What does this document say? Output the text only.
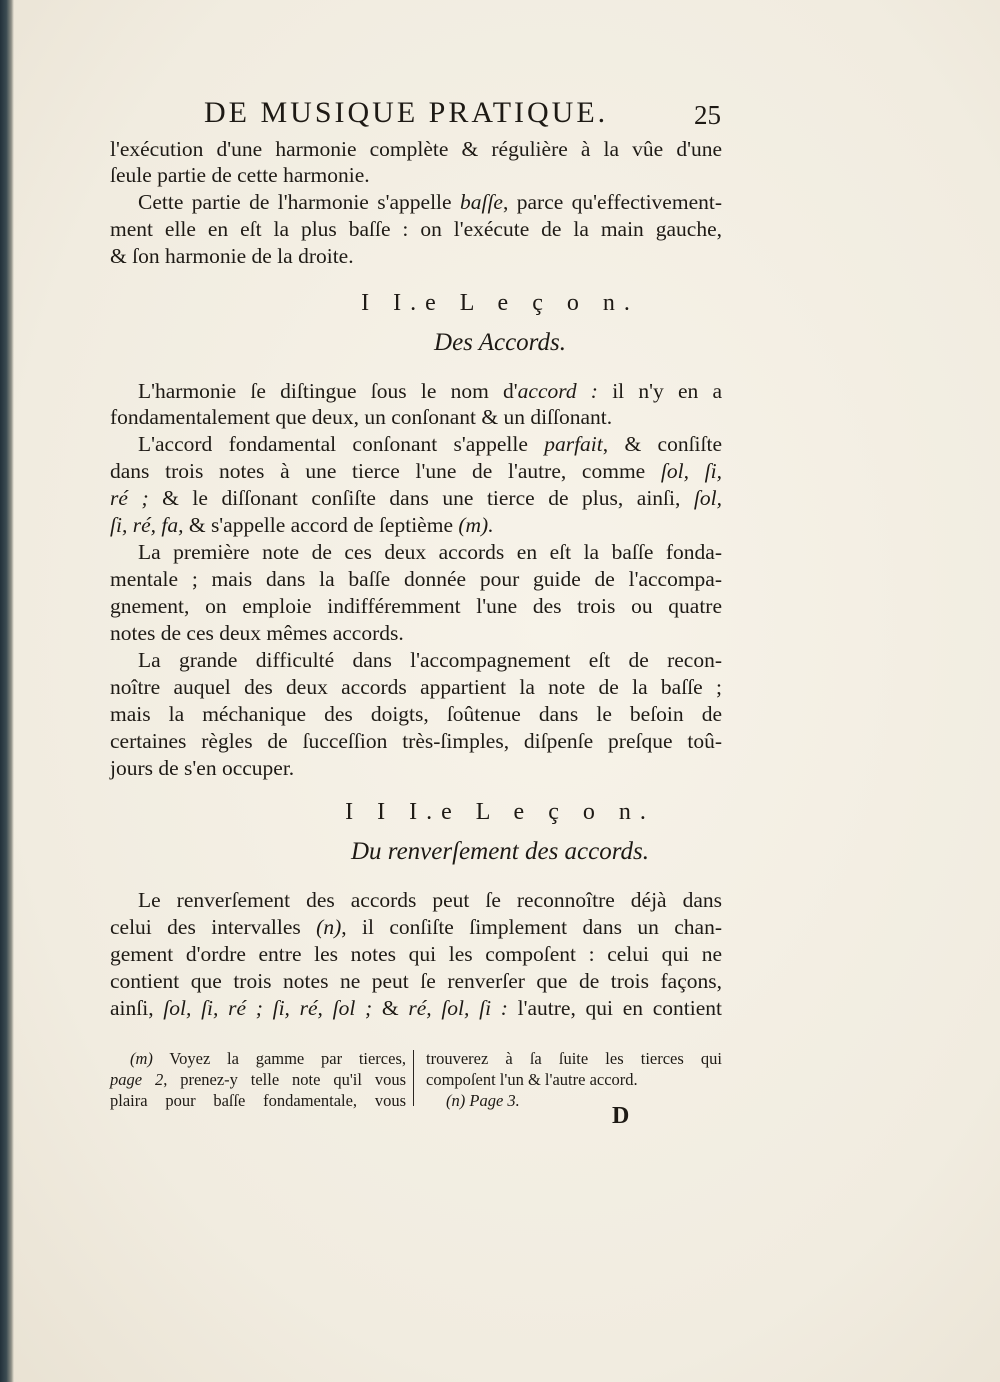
DE MUSIQUE PRATIQUE.	25
l'exécution d'une harmonie complète & régulière à la vûe d'une
ſeule partie de cette harmonie.
Cette partie de l'harmonie s'appelle baſſe, parce qu'effectivement-
ment elle en eſt la plus baſſe : on l'exécute de la main gauche,
& ſon harmonie de la droite.
I I.e L e ç o n.
Des Accords.
L'harmonie ſe diſtingue ſous le nom d'accord : il n'y en a
fondamentalement que deux, un conſonant & un diſſonant.
L'accord fondamental conſonant s'appelle parfait, & conſiſte
dans trois notes à une tierce l'une de l'autre, comme ſol, ſi,
ré ; & le diſſonant conſiſte dans une tierce de plus, ainſi, ſol,
ſi, ré, fa, & s'appelle accord de ſeptième (m).
La première note de ces deux accords en eſt la baſſe fonda-
mentale ; mais dans la baſſe donnée pour guide de l'accompa-
gnement, on emploie indifféremment l'une des trois ou quatre
notes de ces deux mêmes accords.
La grande difficulté dans l'accompagnement eſt de recon-
noître auquel des deux accords appartient la note de la baſſe ;
mais la méchanique des doigts, ſoûtenue dans le beſoin de
certaines règles de ſucceſſion très-ſimples, diſpenſe preſque toû-
jours de s'en occuper.
I I I.e L e ç o n.
Du renverſement des accords.
Le renverſement des accords peut ſe reconnoître déjà dans
celui des intervalles (n), il conſiſte ſimplement dans un chan-
gement d'ordre entre les notes qui les compoſent : celui qui ne
contient que trois notes ne peut ſe renverſer que de trois façons,
ainſi, ſol, ſi, ré ; ſi, ré, ſol ; & ré, ſol, ſi : l'autre, qui en contient
(m) Voyez la gamme par tierces,
page 2, prenez-y telle note qu'il vous
plaira pour baſſe fondamentale, vous
trouverez à ſa ſuite les tierces qui
compoſent l'un & l'autre accord.
(n) Page 3.
D
